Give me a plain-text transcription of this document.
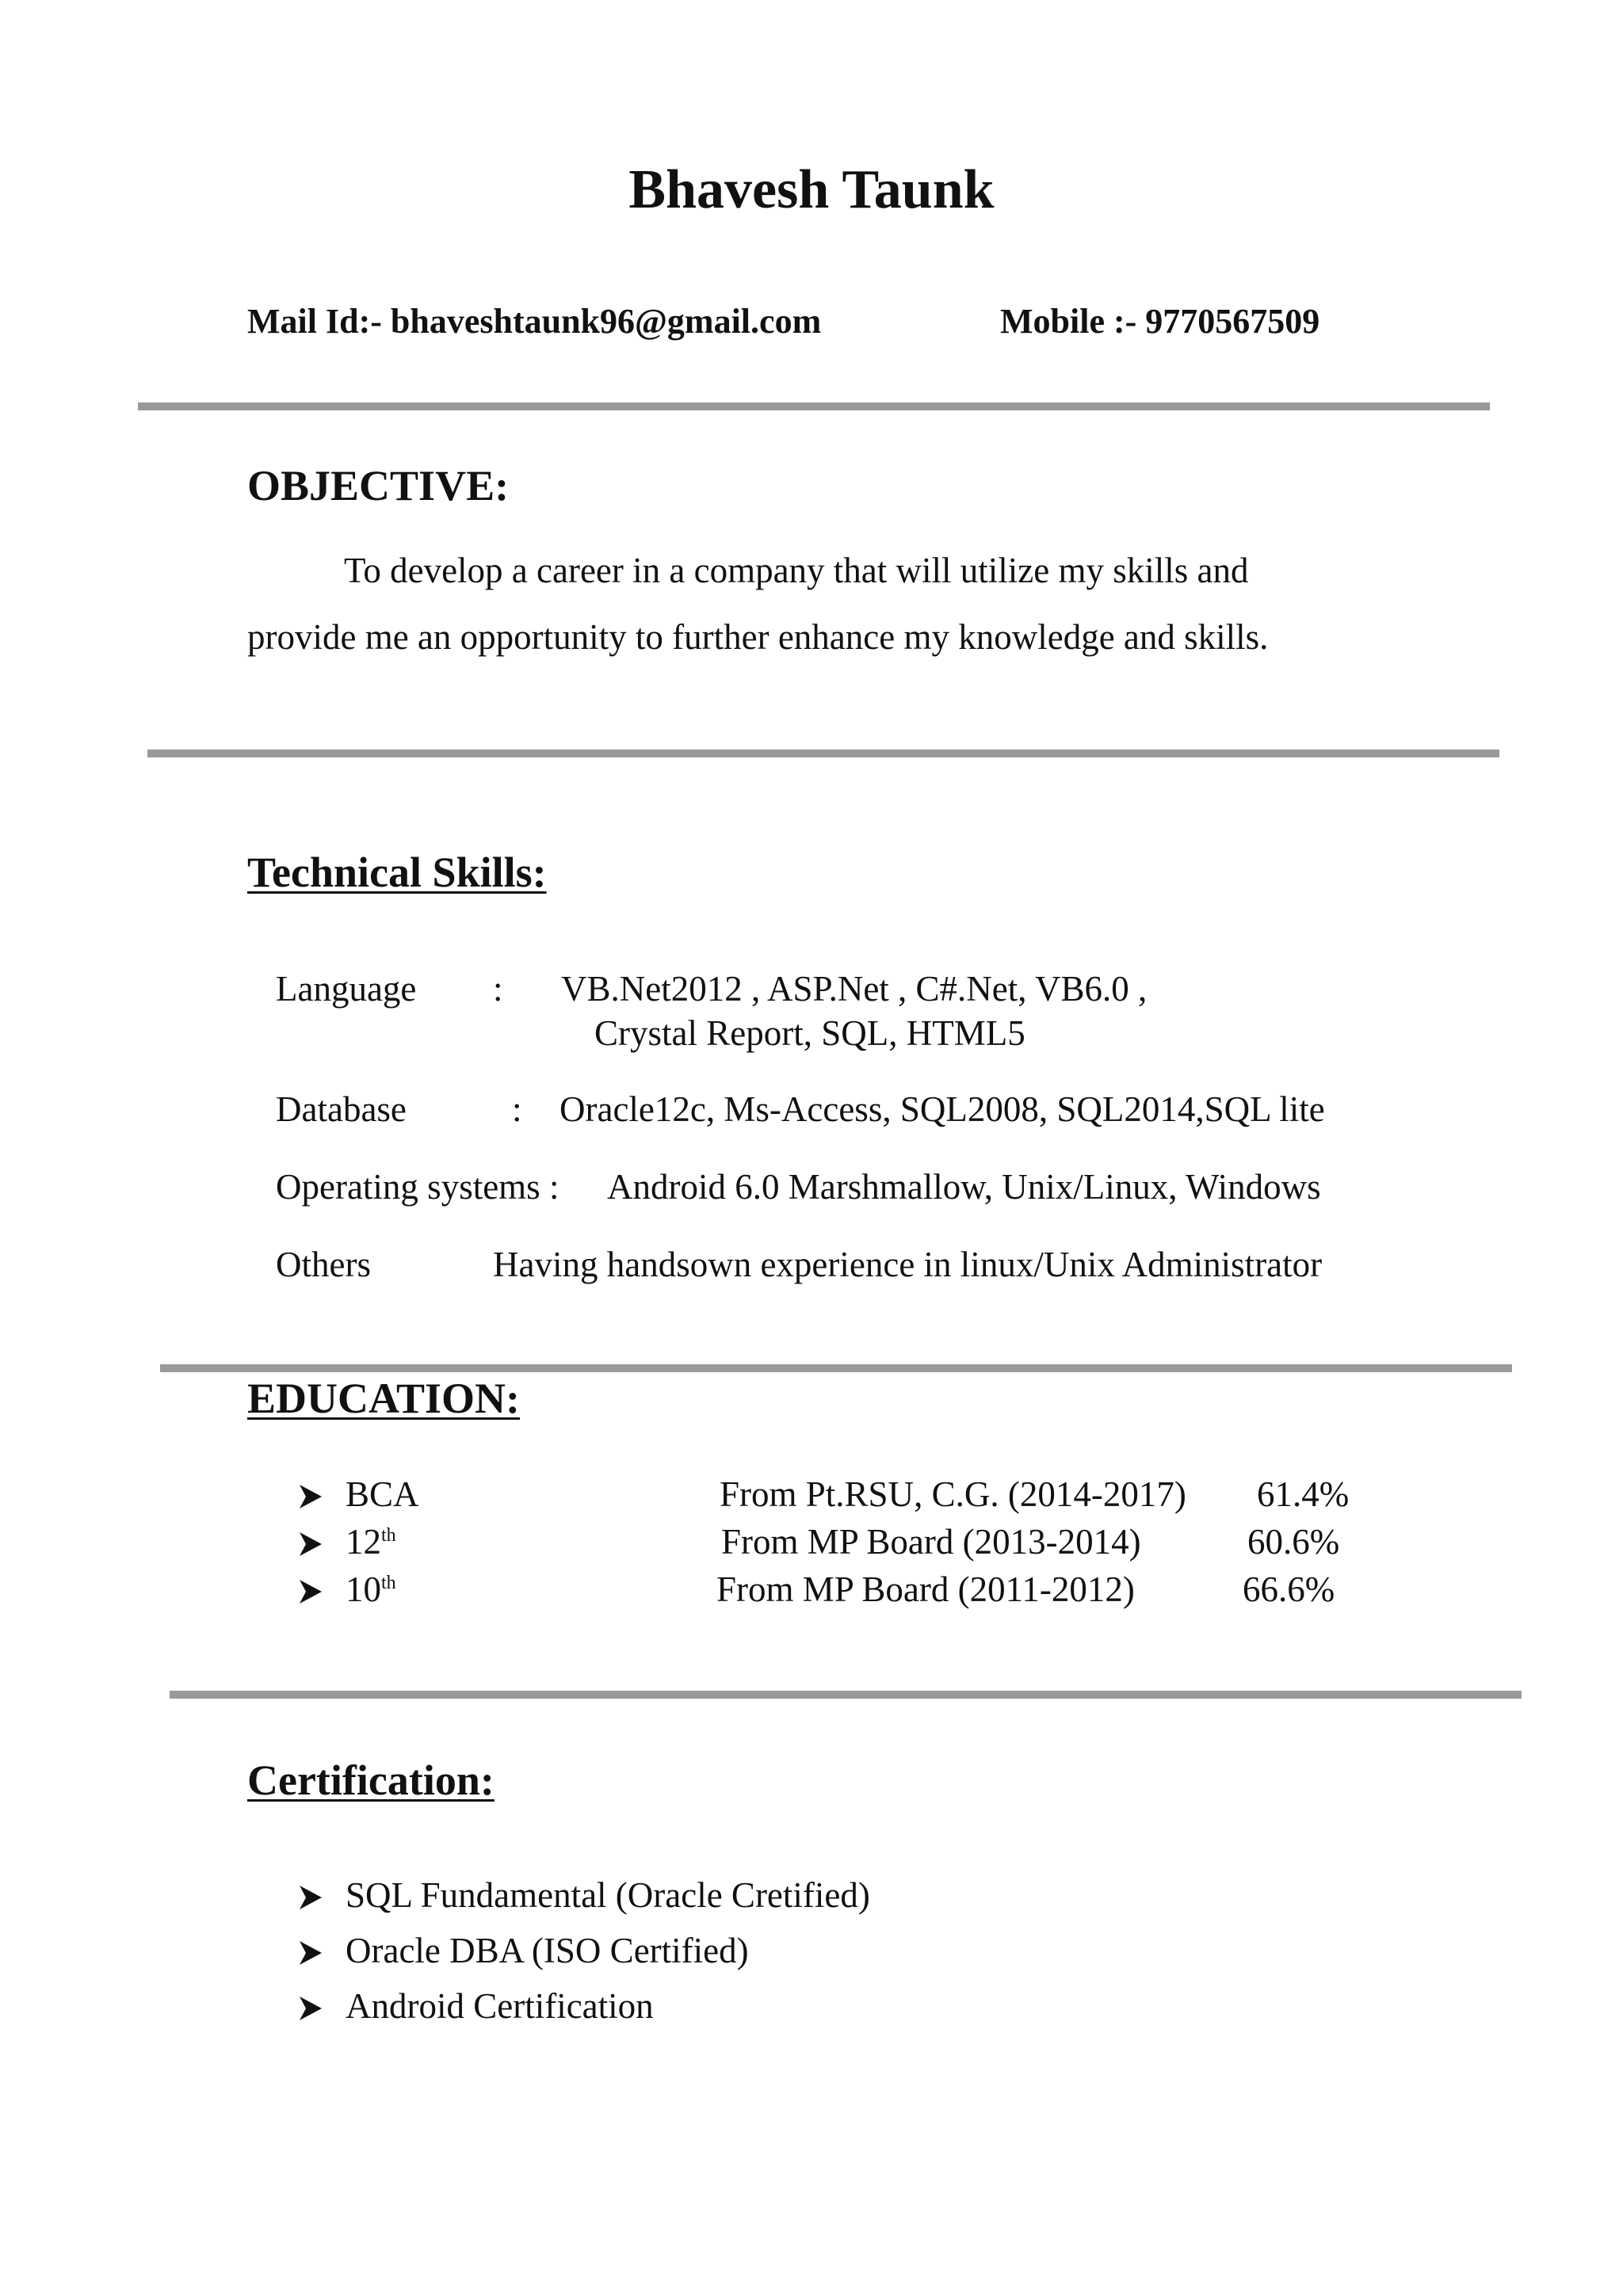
Bhavesh Taunk
Mail Id:- bhaveshtaunk96@gmail.com	Mobile :- 9770567509
OBJECTIVE:
To develop a career in a company that will utilize my skills and
provide me an opportunity to further enhance my knowledge and skills.
Technical Skills:
Language : VB.Net2012 , ASP.Net , C#.Net, VB6.0 ,
Crystal Report, SQL, HTML5
Database	: Oracle12c, Ms-Access, SQL2008, SQL2014,SQL lite
Operating systems : Android 6.0 Marshmallow, Unix/Linux, Windows
Others	Having handsown experience in linux/Unix Administrator
EDUCATION:
BCA	From Pt.RSU, C.G. (2014-2017) 61.4%
12th	From MP Board (2013-2014)	60.6%
10th	From MP Board (2011-2012)	66.6%
Certification:
SQL Fundamental (Oracle Cretified)
Oracle DBA (ISO Certified)
Android Certification
